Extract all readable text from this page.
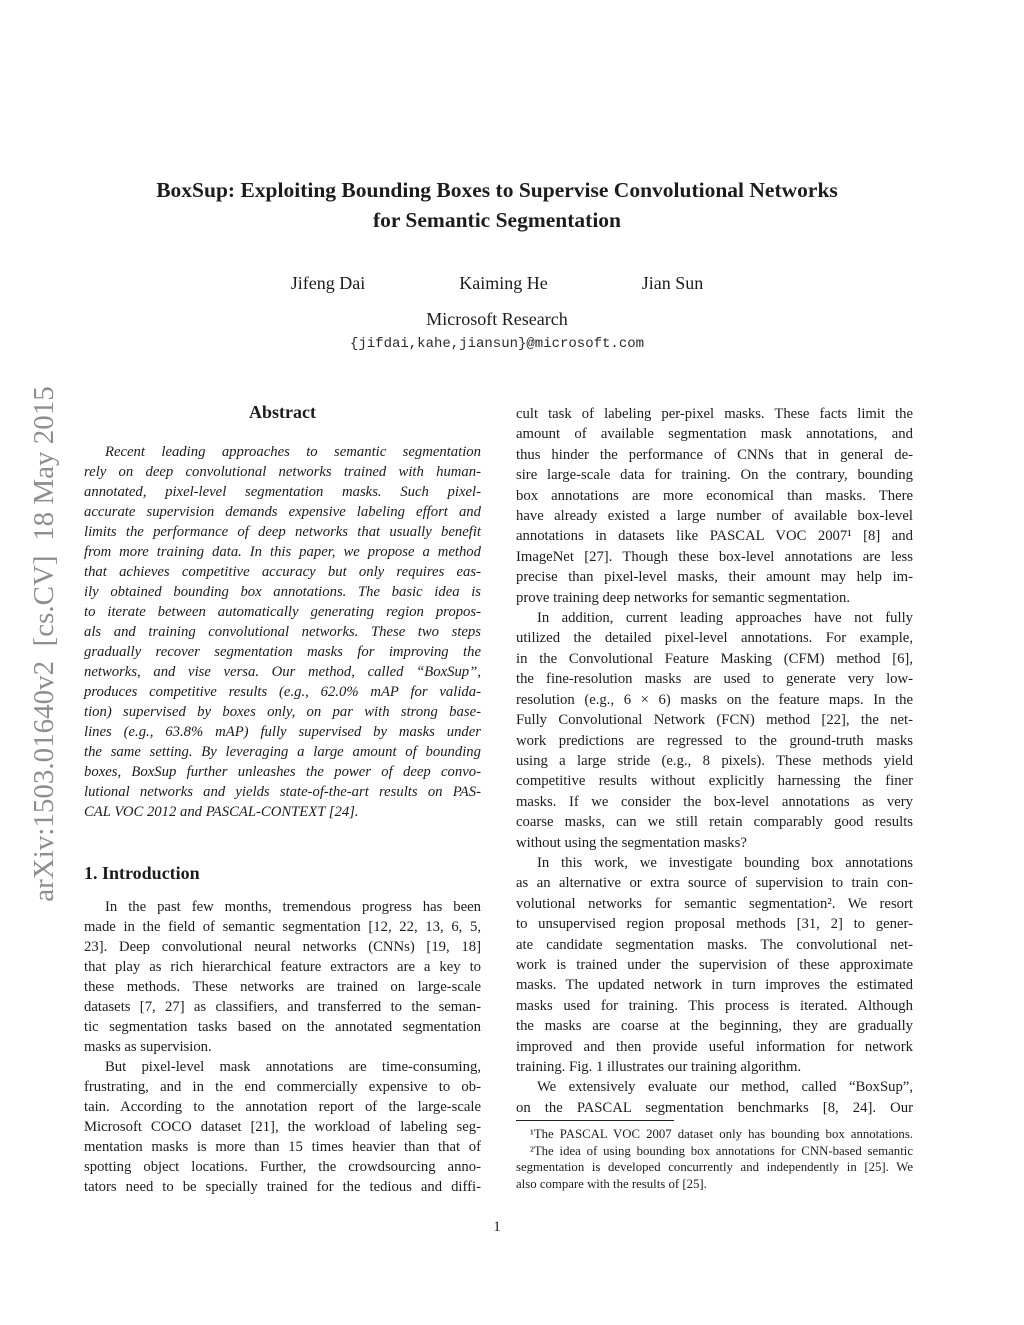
arXiv:1503.01640v2  [cs.CV]  18 May 2015
BoxSup: Exploiting Bounding Boxes to Supervise Convolutional Networks
for Semantic Segmentation
Jifeng Dai	Kaiming He	Jian Sun
Microsoft Research
{jifdai,kahe,jiansun}@microsoft.com
Abstract
Recent leading approaches to semantic segmentation
rely on deep convolutional networks trained with human-
annotated, pixel-level segmentation masks. Such pixel-
accurate supervision demands expensive labeling effort and
limits the performance of deep networks that usually benefit
from more training data. In this paper, we propose a method
that achieves competitive accuracy but only requires eas-
ily obtained bounding box annotations. The basic idea is
to iterate between automatically generating region propos-
als and training convolutional networks. These two steps
gradually recover segmentation masks for improving the
networks, and vise versa. Our method, called “BoxSup”,
produces competitive results (e.g., 62.0% mAP for valida-
tion) supervised by boxes only, on par with strong base-
lines (e.g., 63.8% mAP) fully supervised by masks under
the same setting. By leveraging a large amount of bounding
boxes, BoxSup further unleashes the power of deep convo-
lutional networks and yields state-of-the-art results on PAS-
CAL VOC 2012 and PASCAL-CONTEXT [24].
1. Introduction
In the past few months, tremendous progress has been
made in the field of semantic segmentation [12, 22, 13, 6, 5,
23]. Deep convolutional neural networks (CNNs) [19, 18]
that play as rich hierarchical feature extractors are a key to
these methods. These networks are trained on large-scale
datasets [7, 27] as classifiers, and transferred to the seman-
tic segmentation tasks based on the annotated segmentation
masks as supervision.
But pixel-level mask annotations are time-consuming,
frustrating, and in the end commercially expensive to ob-
tain. According to the annotation report of the large-scale
Microsoft COCO dataset [21], the workload of labeling seg-
mentation masks is more than 15 times heavier than that of
spotting object locations. Further, the crowdsourcing anno-
tators need to be specially trained for the tedious and diffi-
cult task of labeling per-pixel masks. These facts limit the
amount of available segmentation mask annotations, and
thus hinder the performance of CNNs that in general de-
sire large-scale data for training. On the contrary, bounding
box annotations are more economical than masks. There
have already existed a large number of available box-level
annotations in datasets like PASCAL VOC 2007¹ [8] and
ImageNet [27]. Though these box-level annotations are less
precise than pixel-level masks, their amount may help im-
prove training deep networks for semantic segmentation.
In addition, current leading approaches have not fully
utilized the detailed pixel-level annotations. For example,
in the Convolutional Feature Masking (CFM) method [6],
the fine-resolution masks are used to generate very low-
resolution (e.g., 6 × 6) masks on the feature maps. In the
Fully Convolutional Network (FCN) method [22], the net-
work predictions are regressed to the ground-truth masks
using a large stride (e.g., 8 pixels). These methods yield
competitive results without explicitly harnessing the finer
masks. If we consider the box-level annotations as very
coarse masks, can we still retain comparably good results
without using the segmentation masks?
In this work, we investigate bounding box annotations
as an alternative or extra source of supervision to train con-
volutional networks for semantic segmentation². We resort
to unsupervised region proposal methods [31, 2] to gener-
ate candidate segmentation masks. The convolutional net-
work is trained under the supervision of these approximate
masks. The updated network in turn improves the estimated
masks used for training. This process is iterated. Although
the masks are coarse at the beginning, they are gradually
improved and then provide useful information for network
training. Fig. 1 illustrates our training algorithm.
We extensively evaluate our method, called “BoxSup”,
on the PASCAL segmentation benchmarks [8, 24]. Our
¹The PASCAL VOC 2007 dataset only has bounding box annotations.
²The idea of using bounding box annotations for CNN-based semantic
segmentation is developed concurrently and independently in [25]. We
also compare with the results of [25].
1
